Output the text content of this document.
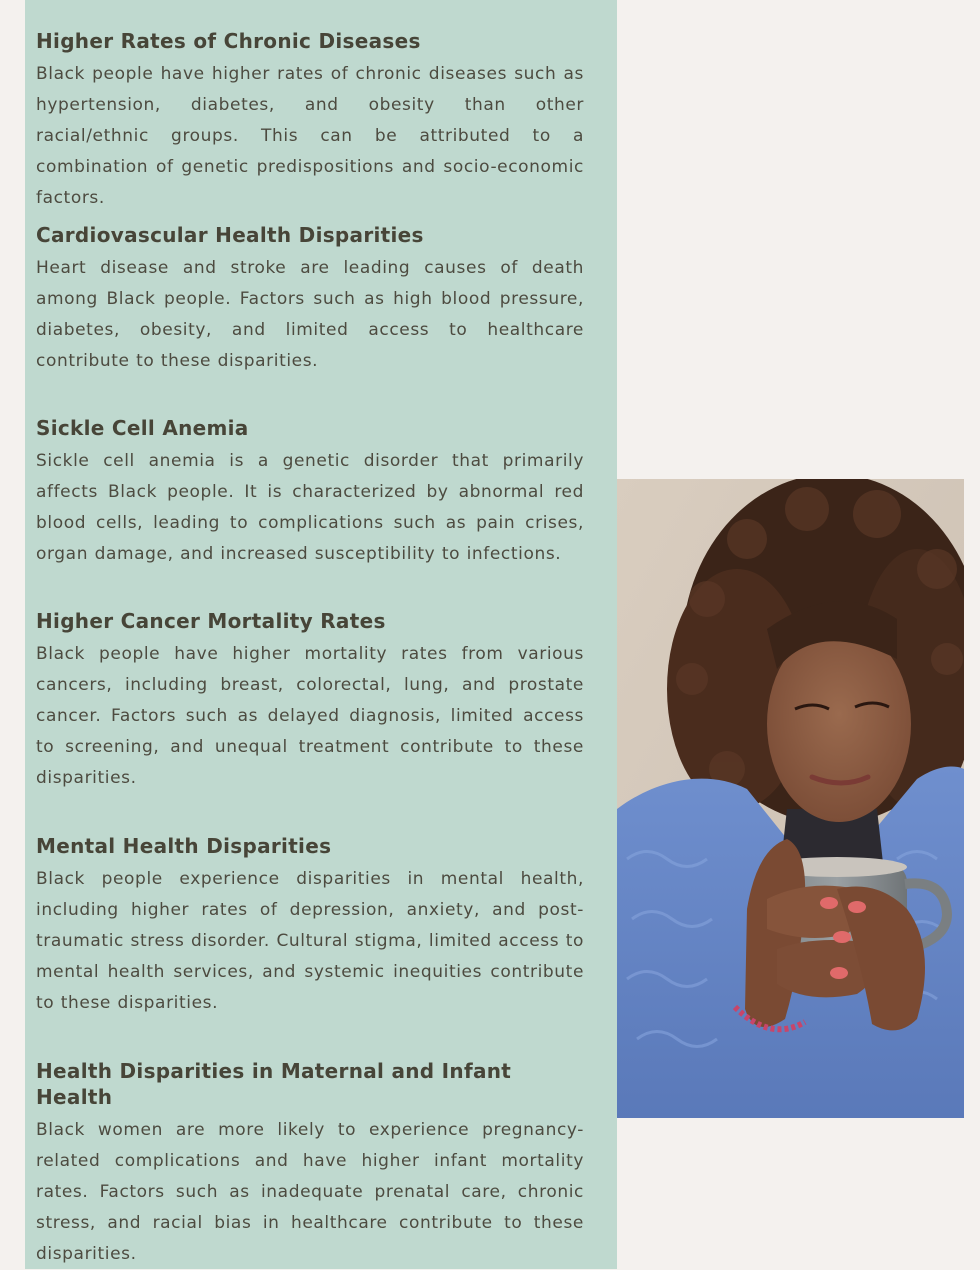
Higher Rates of Chronic Diseases

Black people have higher rates of chronic diseases such as hypertension, diabetes, and obesity than other racial/ethnic groups. This can be attributed to a combination of genetic predispositions and socio-economic factors.

Cardiovascular Health Disparities

Heart disease and stroke are leading causes of death among Black people. Factors such as high blood pressure, diabetes, obesity, and limited access to healthcare contribute to these disparities.

Sickle Cell Anemia

Sickle cell anemia is a genetic disorder that primarily affects Black people. It is characterized by abnormal red blood cells, leading to complications such as pain crises, organ damage, and increased susceptibility to infections.

Higher Cancer Mortality Rates

Black people have higher mortality rates from various cancers, including breast, colorectal, lung, and prostate cancer. Factors such as delayed diagnosis, limited access to screening, and unequal treatment contribute to these disparities.

Mental Health Disparities

Black people experience disparities in mental health, including higher rates of depression, anxiety, and post-traumatic stress disorder. Cultural stigma, limited access to mental health services, and systemic inequities contribute to these disparities.

Health Disparities in Maternal and Infant Health

Black women are more likely to experience pregnancy-related complications and have higher infant mortality rates. Factors such as inadequate prenatal care, chronic stress, and racial bias in healthcare contribute to these disparities.
